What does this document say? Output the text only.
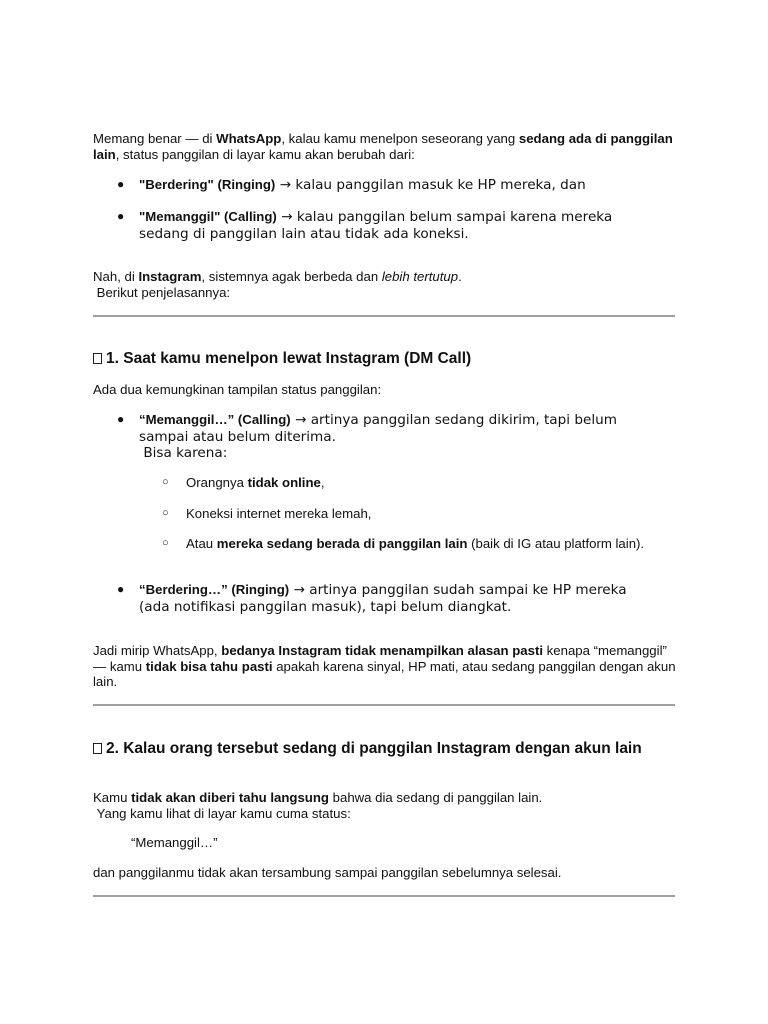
Memang benar — di WhatsApp, kalau kamu menelpon seseorang yang sedang ada di panggilan lain, status panggilan di layar kamu akan berubah dari:
● "Berdering" (Ringing) → kalau panggilan masuk ke HP mereka, dan
● "Memanggil" (Calling) → kalau panggilan belum sampai karena mereka sedang di panggilan lain atau tidak ada koneksi.
Nah, di Instagram, sistemnya agak berbeda dan lebih tertutup.
Berikut penjelasannya:
1. Saat kamu menelpon lewat Instagram (DM Call)
Ada dua kemungkinan tampilan status panggilan:
● “Memanggil…” (Calling) → artinya panggilan sedang dikirim, tapi belum sampai atau belum diterima.
Bisa karena:
○ Orangnya tidak online,
○ Koneksi internet mereka lemah,
○ Atau mereka sedang berada di panggilan lain (baik di IG atau platform lain).
● “Berdering…” (Ringing) → artinya panggilan sudah sampai ke HP mereka (ada notifikasi panggilan masuk), tapi belum diangkat.
Jadi mirip WhatsApp, bedanya Instagram tidak menampilkan alasan pasti kenapa “memanggil” — kamu tidak bisa tahu pasti apakah karena sinyal, HP mati, atau sedang panggilan dengan akun lain.
2. Kalau orang tersebut sedang di panggilan Instagram dengan akun lain
Kamu tidak akan diberi tahu langsung bahwa dia sedang di panggilan lain.
Yang kamu lihat di layar kamu cuma status:
“Memanggil…”
dan panggilanmu tidak akan tersambung sampai panggilan sebelumnya selesai.
